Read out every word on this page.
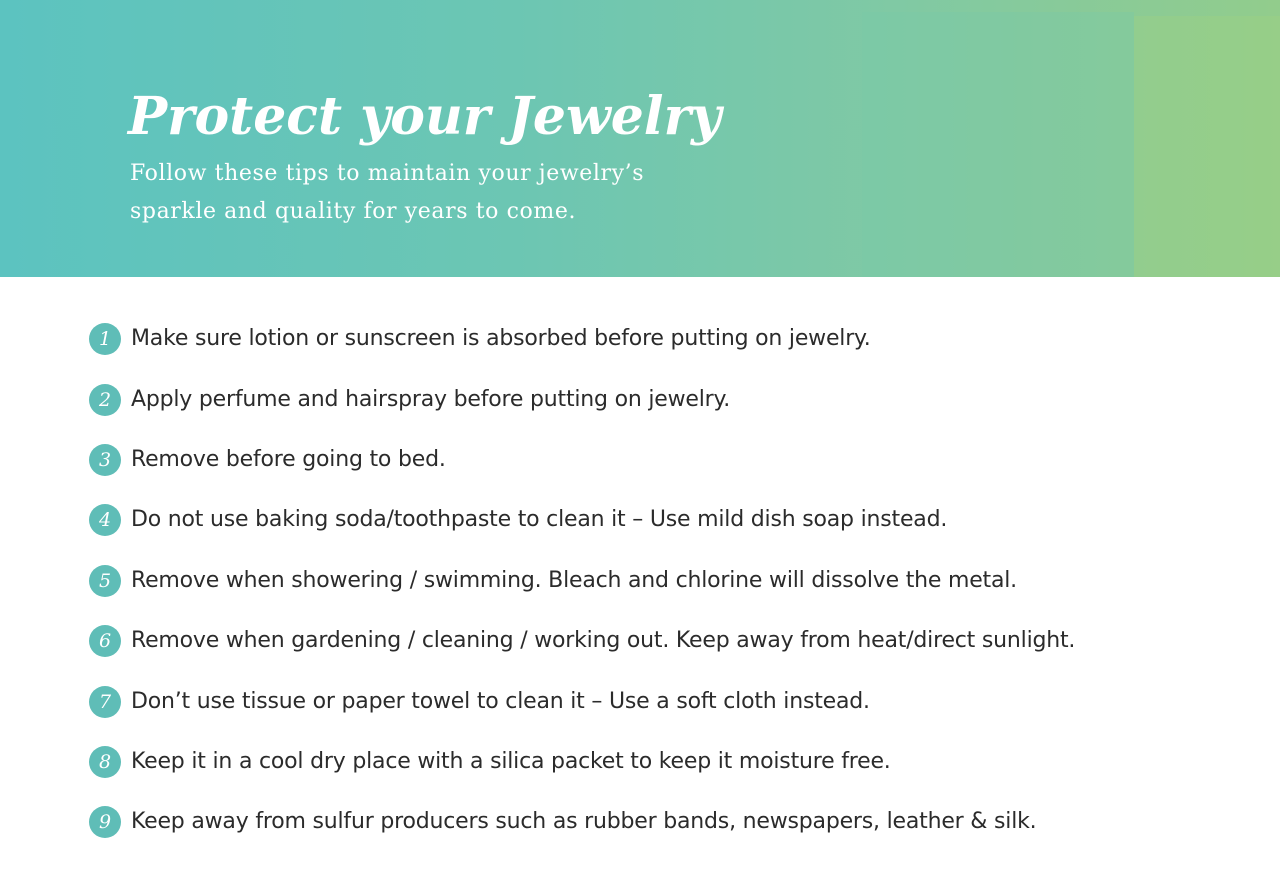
Protect your Jewelry

Follow these tips to maintain your jewelry’s
sparkle and quality for years to come.

1 Make sure lotion or sunscreen is absorbed before putting on jewelry.
2 Apply perfume and hairspray before putting on jewelry.
3 Remove before going to bed.
4 Do not use baking soda/toothpaste to clean it – Use mild dish soap instead.
5 Remove when showering / swimming. Bleach and chlorine will dissolve the metal.
6 Remove when gardening / cleaning / working out. Keep away from heat/direct sunlight.
7 Don’t use tissue or paper towel to clean it – Use a soft cloth instead.
8 Keep it in a cool dry place with a silica packet to keep it moisture free.
9 Keep away from sulfur producers such as rubber bands, newspapers, leather & silk.
